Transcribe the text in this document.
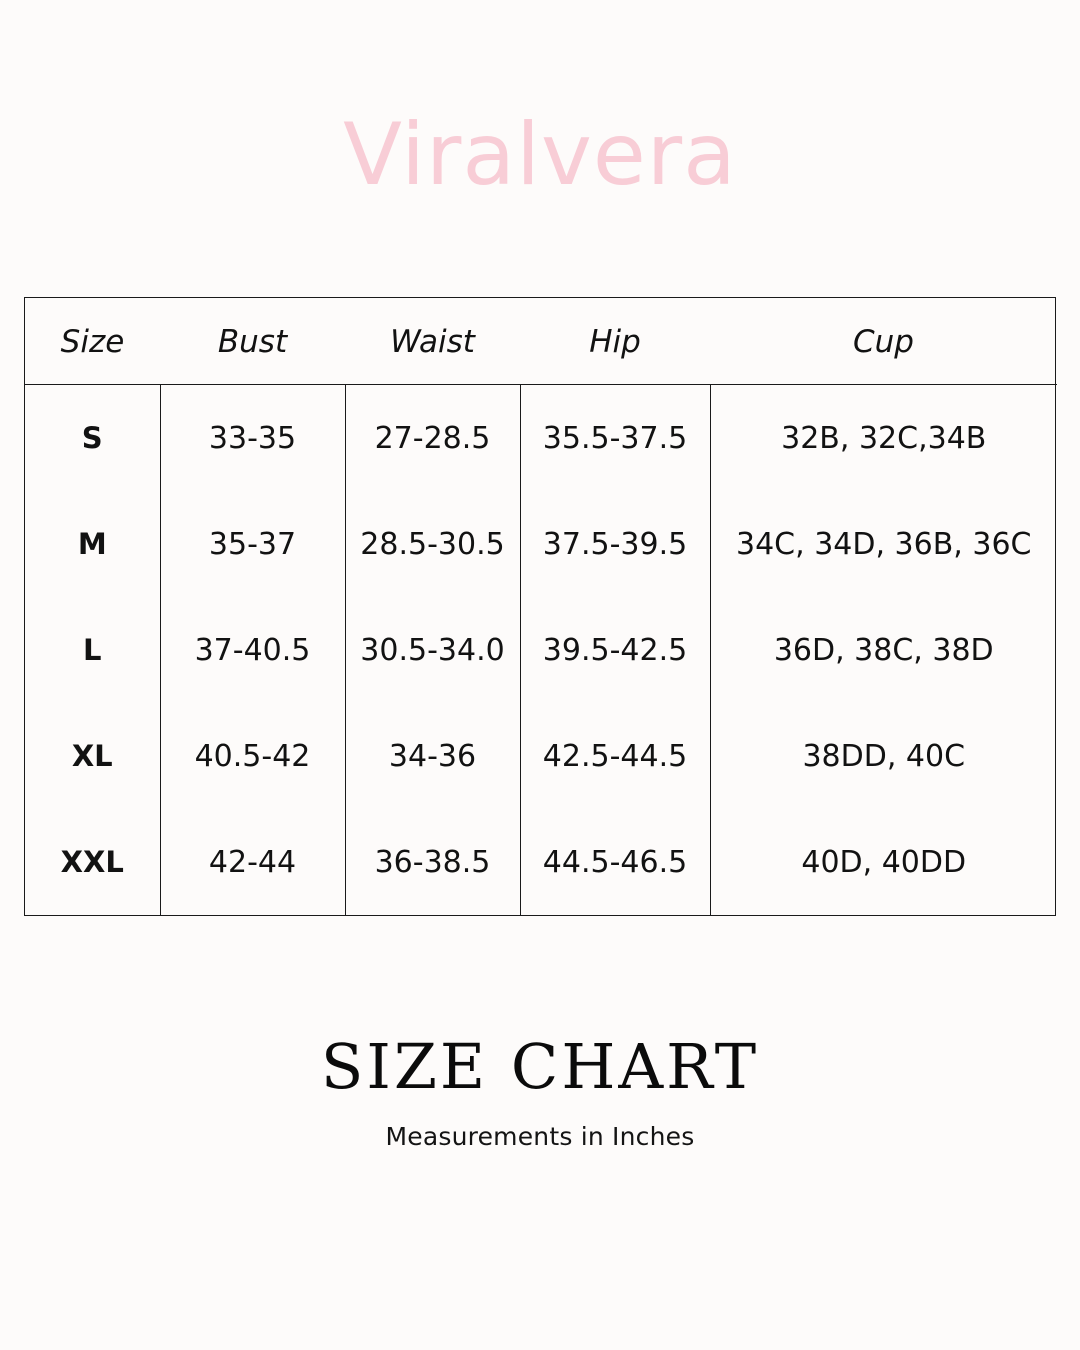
Viralvera
Size	Bust	Waist	Hip	Cup
S	33-35	27-28.5	35.5-37.5	32B, 32C,34B
M	35-37	28.5-30.5	37.5-39.5	34C, 34D, 36B, 36C
L	37-40.5	30.5-34.0	39.5-42.5	36D, 38C, 38D
XL	40.5-42	34-36	42.5-44.5	38DD, 40C
XXL	42-44	36-38.5	44.5-46.5	40D, 40DD
SIZE CHART
Measurements in Inches
